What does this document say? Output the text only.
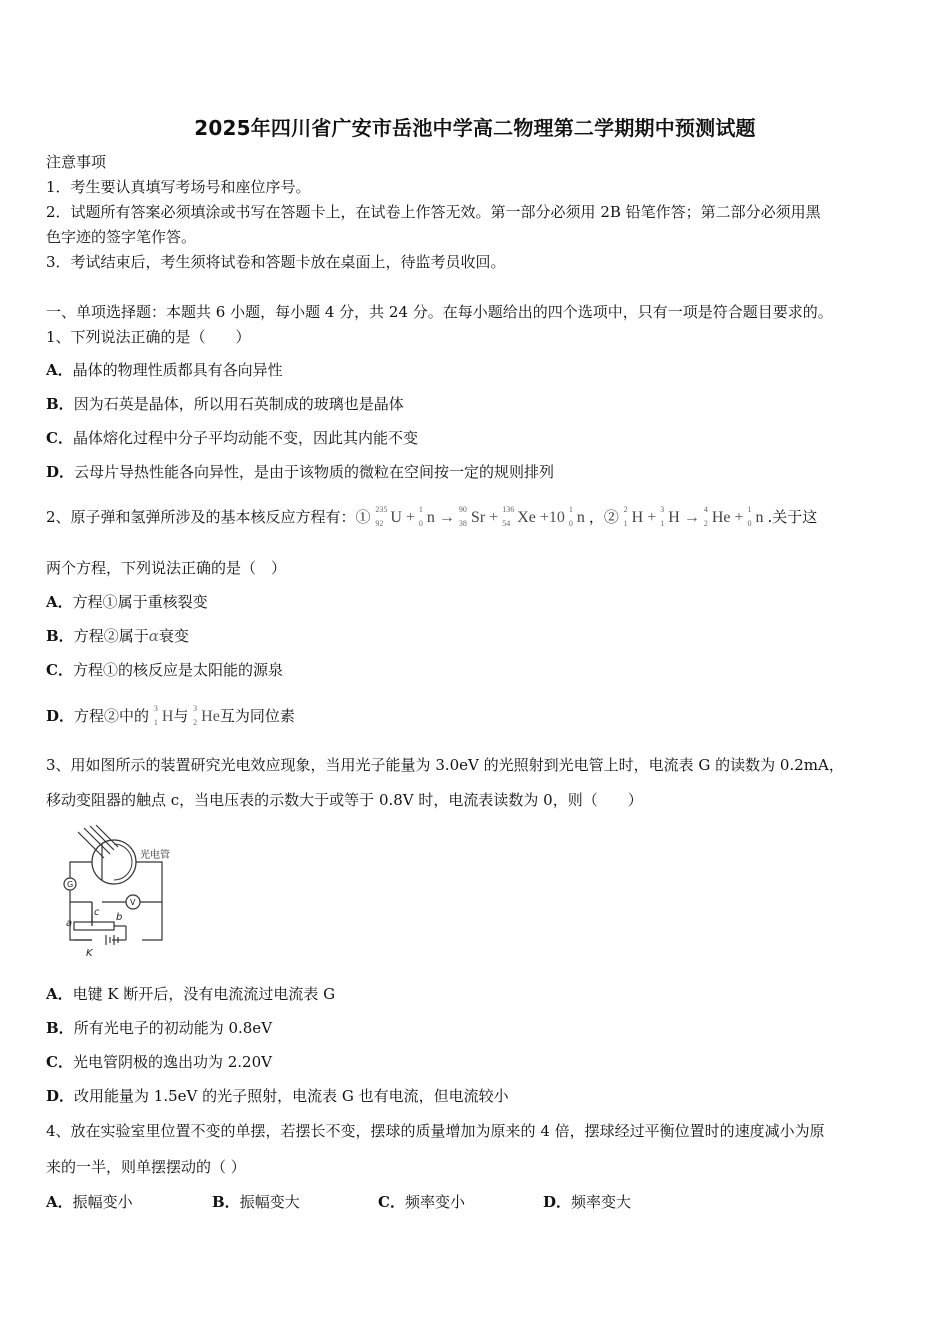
2025年四川省广安市岳池中学高二物理第二学期期中预测试题
注意事项
1．考生要认真填写考场号和座位序号。
2．试题所有答案必须填涂或书写在答题卡上，在试卷上作答无效。第一部分必须用 2B 铅笔作答；第二部分必须用黑
色字迹的签字笔作答。
3．考试结束后，考生须将试卷和答题卡放在桌面上，待监考员收回。
一、单项选择题：本题共 6 小题，每小题 4 分，共 24 分。在每小题给出的四个选项中，只有一项是符合题目要求的。
1、下列说法正确的是（　　）
A．晶体的物理性质都具有各向异性
B．因为石英是晶体，所以用石英制成的玻璃也是晶体
C．晶体熔化过程中分子平均动能不变，因此其内能不变
D．云母片导热性能各向异性，是由于该物质的微粒在空间按一定的规则排列
2、原子弹和氢弹所涉及的基本核反应方程有：① 235
92 U + 1
0 n → 90
38 Sr + 136
54 Xe +10 1
0 n ，② 2
1 H + 3
1 H → 4
2 He + 1
0 n .关于这
两个方程，下列说法正确的是（　）
A．方程①属于重核裂变
B．方程②属于α衰变
C．方程①的核反应是太阳能的源泉
D．方程②中的 3
1 H与 3
2 He互为同位素
3、用如图所示的装置研究光电效应现象，当用光子能量为 3.0eV 的光照射到光电管上时，电流表 G 的读数为 0.2mA，
移动变阻器的触点 c，当电压表的示数大于或等于 0.8V 时，电流表读数为 0，则（　　）
光电管
G
V
a
b
c
K
A．电键 K 断开后，没有电流流过电流表 G
B．所有光电子的初动能为 0.8eV
C．光电管阴极的逸出功为 2.20V
D．改用能量为 1.5eV 的光子照射，电流表 G 也有电流，但电流较小
4、放在实验室里位置不变的单摆，若摆长不变，摆球的质量增加为原来的 4 倍，摆球经过平衡位置时的速度减小为原
来的一半，则单摆摆动的（ ）
A．振幅变小	B．振幅变大	C．频率变小	D．频率变大
